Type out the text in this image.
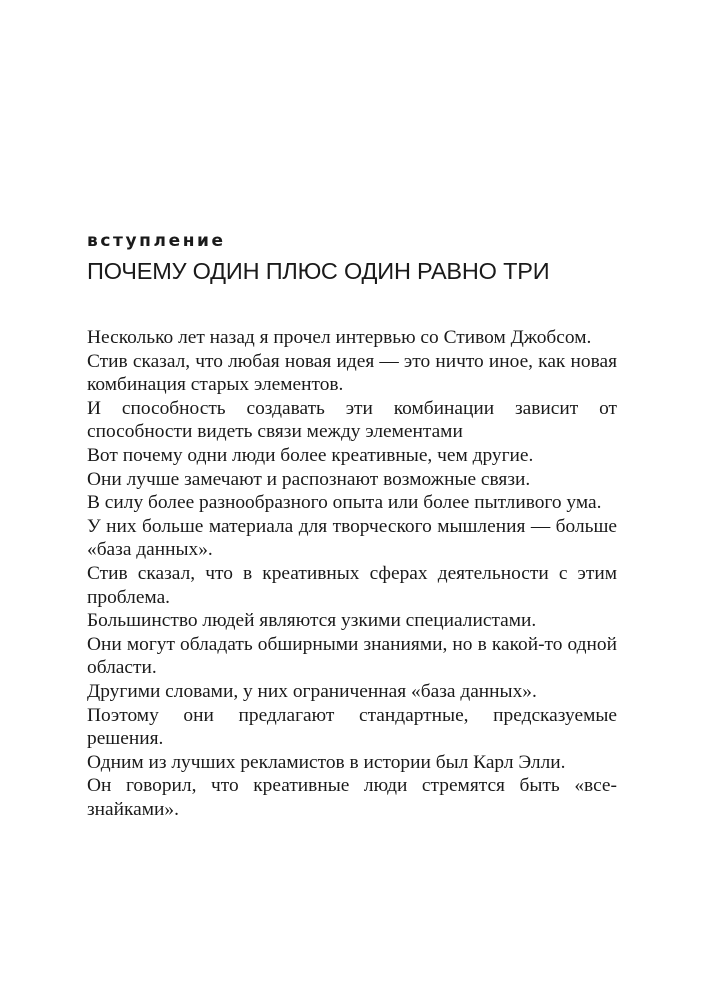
вступление
ПОЧЕМУ ОДИН ПЛЮС ОДИН РАВНО ТРИ

Несколько лет назад я прочел интервью со Стивом Джобсом.

Стив сказал, что любая новая идея — это ничто иное, как новая комбинация старых элементов.

И способность создавать эти комбинации зависит от способности видеть связи между элементами

Вот почему одни люди более креативные, чем другие.

Они лучше замечают и распознают возможные связи.

В силу более разнообразного опыта или более пытливого ума.

У них больше материала для творческого мышления — больше «база данных».

Стив сказал, что в креативных сферах деятельности с этим проблема.

Большинство людей являются узкими специалистами.

Они могут обладать обширными знаниями, но в какой-то одной области.

Другими словами, у них ограниченная «база данных».

Поэтому они предлагают стандартные, предсказуемые решения.

Одним из лучших рекламистов в истории был Карл Элли.

Он говорил, что креативные люди стремятся быть «все-знайками».
